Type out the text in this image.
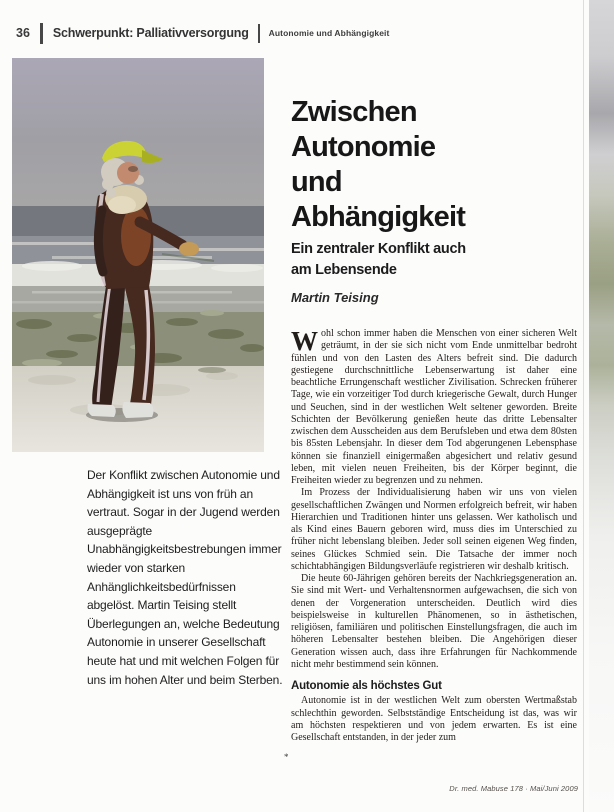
36 Schwerpunkt: Palliativversorgung Autonomie und Abhängigkeit
Der Konflikt zwischen Autonomie und Abhängigkeit ist uns von früh an vertraut. Sogar in der Jugend werden ausgeprägte Unabhängigkeitsbestrebungen immer wieder von starken Anhänglichkeitsbedürfnissen abgelöst. Martin Teising stellt Überlegungen an, welche Bedeutung Autonomie in unserer Gesellschaft heute hat und mit welchen Folgen für uns im hohen Alter und beim Sterben.
Zwischen
Autonomie
und
Abhängigkeit
Ein zentraler Konflikt auch
am Lebensende
Martin Teising

Wohl schon immer haben die Menschen von einer sicheren Welt geträumt, in der sie sich nicht vom Ende unmittelbar bedroht fühlen und von den Lasten des Alters befreit sind. Die dadurch gestiegene durchschnittliche Lebenserwartung ist daher eine beachtliche Errungenschaft westlicher Zivilisation. Schrecken früherer Tage, wie ein vorzeitiger Tod durch kriegerische Gewalt, durch Hunger und Seuchen, sind in der westlichen Welt seltener geworden. Breite Schichten der Bevölkerung genießen heute das dritte Lebensalter zwischen dem Ausscheiden aus dem Berufsleben und etwa dem 80sten bis 85sten Lebensjahr. In dieser dem Tod abgerungenen Lebensphase können sie finanziell einigermaßen abgesichert und relativ gesund leben, mit vielen neuen Freiheiten, bis der Körper beginnt, die Freiheiten wieder zu begrenzen und zu nehmen.

Im Prozess der Individualisierung haben wir uns von vielen gesellschaftlichen Zwängen und Normen erfolgreich befreit, wir haben Hierarchien und Traditionen hinter uns gelassen. Wer katholisch und als Kind eines Bauern geboren wird, muss dies im Unterschied zu früher nicht lebenslang bleiben. Jeder soll seinen eigenen Weg finden, seines Glückes Schmied sein. Die Tatsache der immer noch schichtabhängigen Bildungsverläufe registrieren wir deshalb kritisch.

Die heute 60-Jährigen gehören bereits der Nachkriegsgeneration an. Sie sind mit Wert- und Verhaltensnormen aufgewachsen, die sich von denen der Vorgeneration unterscheiden. Deutlich wird dies beispielsweise in kulturellen Phänomenen, so in ästhetischen, religiösen, familiären und politischen Einstellungsfragen, die auch im höheren Lebensalter bestehen bleiben. Die Angehörigen dieser Generation wissen auch, dass ihre Erfahrungen für Nachkommende nicht mehr bestimmend sein können.

Autonomie als höchstes Gut

Autonomie ist in der westlichen Welt zum obersten Wertmaßstab schlechthin geworden. Selbstständige Entscheidung ist das, was wir am höchsten respektieren und von jedem erwarten. Es ist eine Gesellschaft entstanden, in der jeder zum

*
Dr. med. Mabuse 178 · Mai/Juni 2009
